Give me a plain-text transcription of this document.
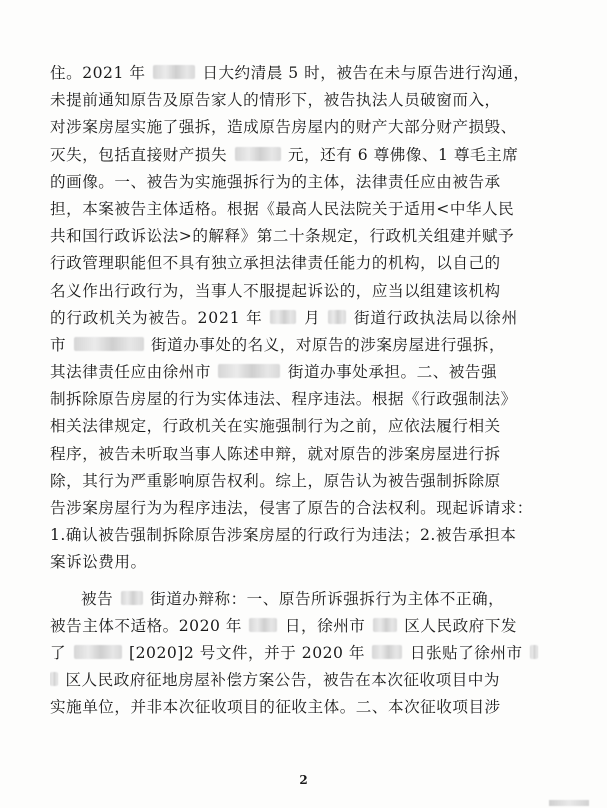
住。2021 年	日大约清晨 5 时，被告在未与原告进行沟通，
未提前通知原告及原告家人的情形下，被告执法人员破窗而入，
对涉案房屋实施了强拆，造成原告房屋内的财产大部分财产损毁、
灭失，包括直接财产损失	元，还有 6 尊佛像、1 尊毛主席
的画像。一、被告为实施强拆行为的主体，法律责任应由被告承
担，本案被告主体适格。根据《最高人民法院关于适用<中华人民
共和国行政诉讼法>的解释》第二十条规定，行政机关组建并赋予
行政管理职能但不具有独立承担法律责任能力的机构，以自己的
名义作出行政行为，当事人不服提起诉讼的，应当以组建该机构
的行政机关为被告。2021 年  月  街道行政执法局以徐州
市	街道办事处的名义，对原告的涉案房屋进行强拆，
其法律责任应由徐州市	街道办事处承担。二、被告强
制拆除原告房屋的行为实体违法、程序违法。根据《行政强制法》
相关法律规定，行政机关在实施强制行为之前，应依法履行相关
程序，被告未听取当事人陈述申辩，就对原告的涉案房屋进行拆
除，其行为严重影响原告权利。综上，原告认为被告强制拆除原
告涉案房屋行为为程序违法，侵害了原告的合法权利。现起诉请求：
1.确认被告强制拆除原告涉案房屋的行政行为违法；2.被告承担本
案诉讼费用。
被告  街道办辩称：一、原告所诉强拆行为主体不正确，
被告主体不适格。2020 年  日，徐州市  区人民政府下发
了	[2020]2 号文件，并于 2020 年  日张贴了徐州市
区人民政府征地房屋补偿方案公告，被告在本次征收项目中为
实施单位，并非本次征收项目的征收主体。二、本次征收项目涉
2
